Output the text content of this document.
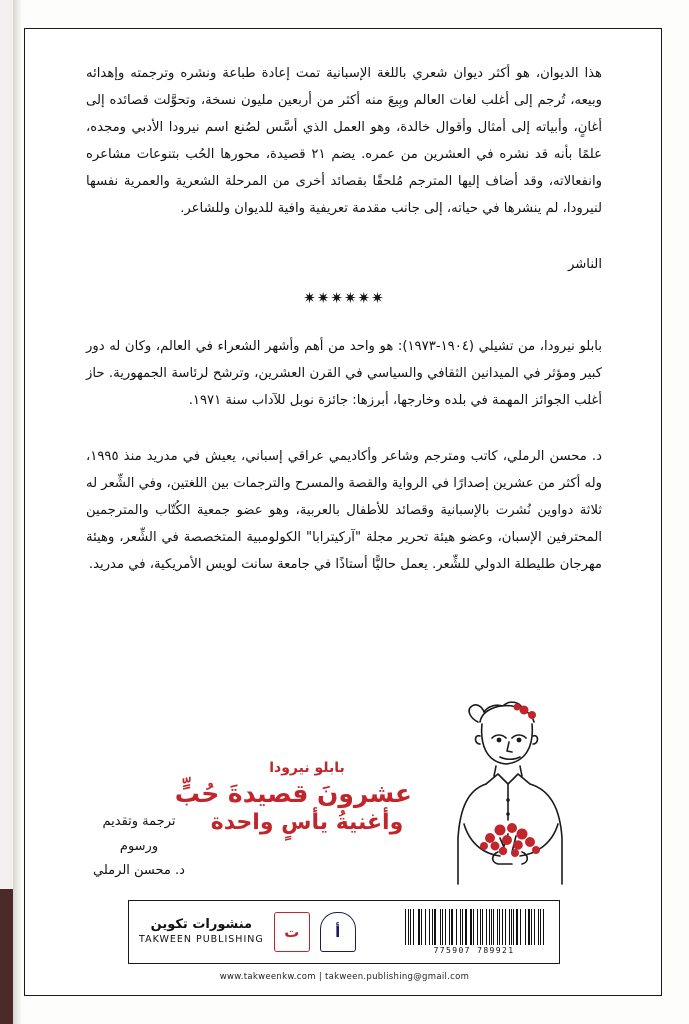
هذا الديوان، هو أكثر ديوان شعري باللغة الإسبانية تمت إعادة طباعة ونشره وترجمته وإهدائه وبيعه، تُرجم إلى أغلب لغات العالم وبِيعَ منه أكثر من أربعين مليون نسخة، وتحوَّلت قصائده إلى أغانٍ، وأبياته إلى أمثال وأقوال خالدة، وهو العمل الذي أسَّس لصُنع اسم نيرودا الأدبي ومجده، علمًا بأنه قد نشره في العشرين من عمره. يضم ٢١ قصيدة، محورها الحُب بتنوعات مشاعره وانفعالاته، وقد أضاف إليها المترجم مُلحقًا بقصائد أخرى من المرحلة الشعرية والعمرية نفسها لنيرودا، لم ينشرها في حياته، إلى جانب مقدمة تعريفية وافية للديوان وللشاعر.

الناشر
✷✷✷✷✷✷

بابلو نيرودا، من تشيلي (١٩٠٤-١٩٧٣): هو واحد من أهم وأشهر الشعراء في العالم، وكان له دور كبير ومؤثر في الميدانين الثقافي والسياسي في القرن العشرين، وترشح لرئاسة الجمهورية. حاز أغلب الجوائز المهمة في بلده وخارجها، أبرزها: جائزة نوبل للآداب سنة ١٩٧١.

د. محسن الرملي، كاتب ومترجم وشاعر وأكاديمي عراقي إسباني، يعيش في مدريد منذ ١٩٩٥، وله أكثر من عشرين إصدارًا في الرواية والقصة والمسرح والترجمات بين اللغتين، وفي الشِّعر له ثلاثة دواوين نُشرت بالإسبانية وقصائد للأطفال بالعربية، وهو عضو جمعية الكُتّاب والمترجمين المحترفين الإسبان، وعضو هيئة تحرير مجلة "آركيترابا" الكولومبية المتخصصة في الشِّعر، وهيئة مهرجان طليطلة الدولي للشِّعر. يعمل حاليًّا أستاذًا في جامعة سانت لويس الأمريكية، في مدريد.

بابلو نيرودا
عشرونَ قصيدةَ حُبٍّ
وأغنيةُ يأسٍ واحدة
ترجمة وتقديم ورسوم
د. محسن الرملي
منشورات تكوين
TAKWEEN PUBLISHING	ت	أ
789921 775907
www.takweenkw.com | takween.publishing@gmail.com
